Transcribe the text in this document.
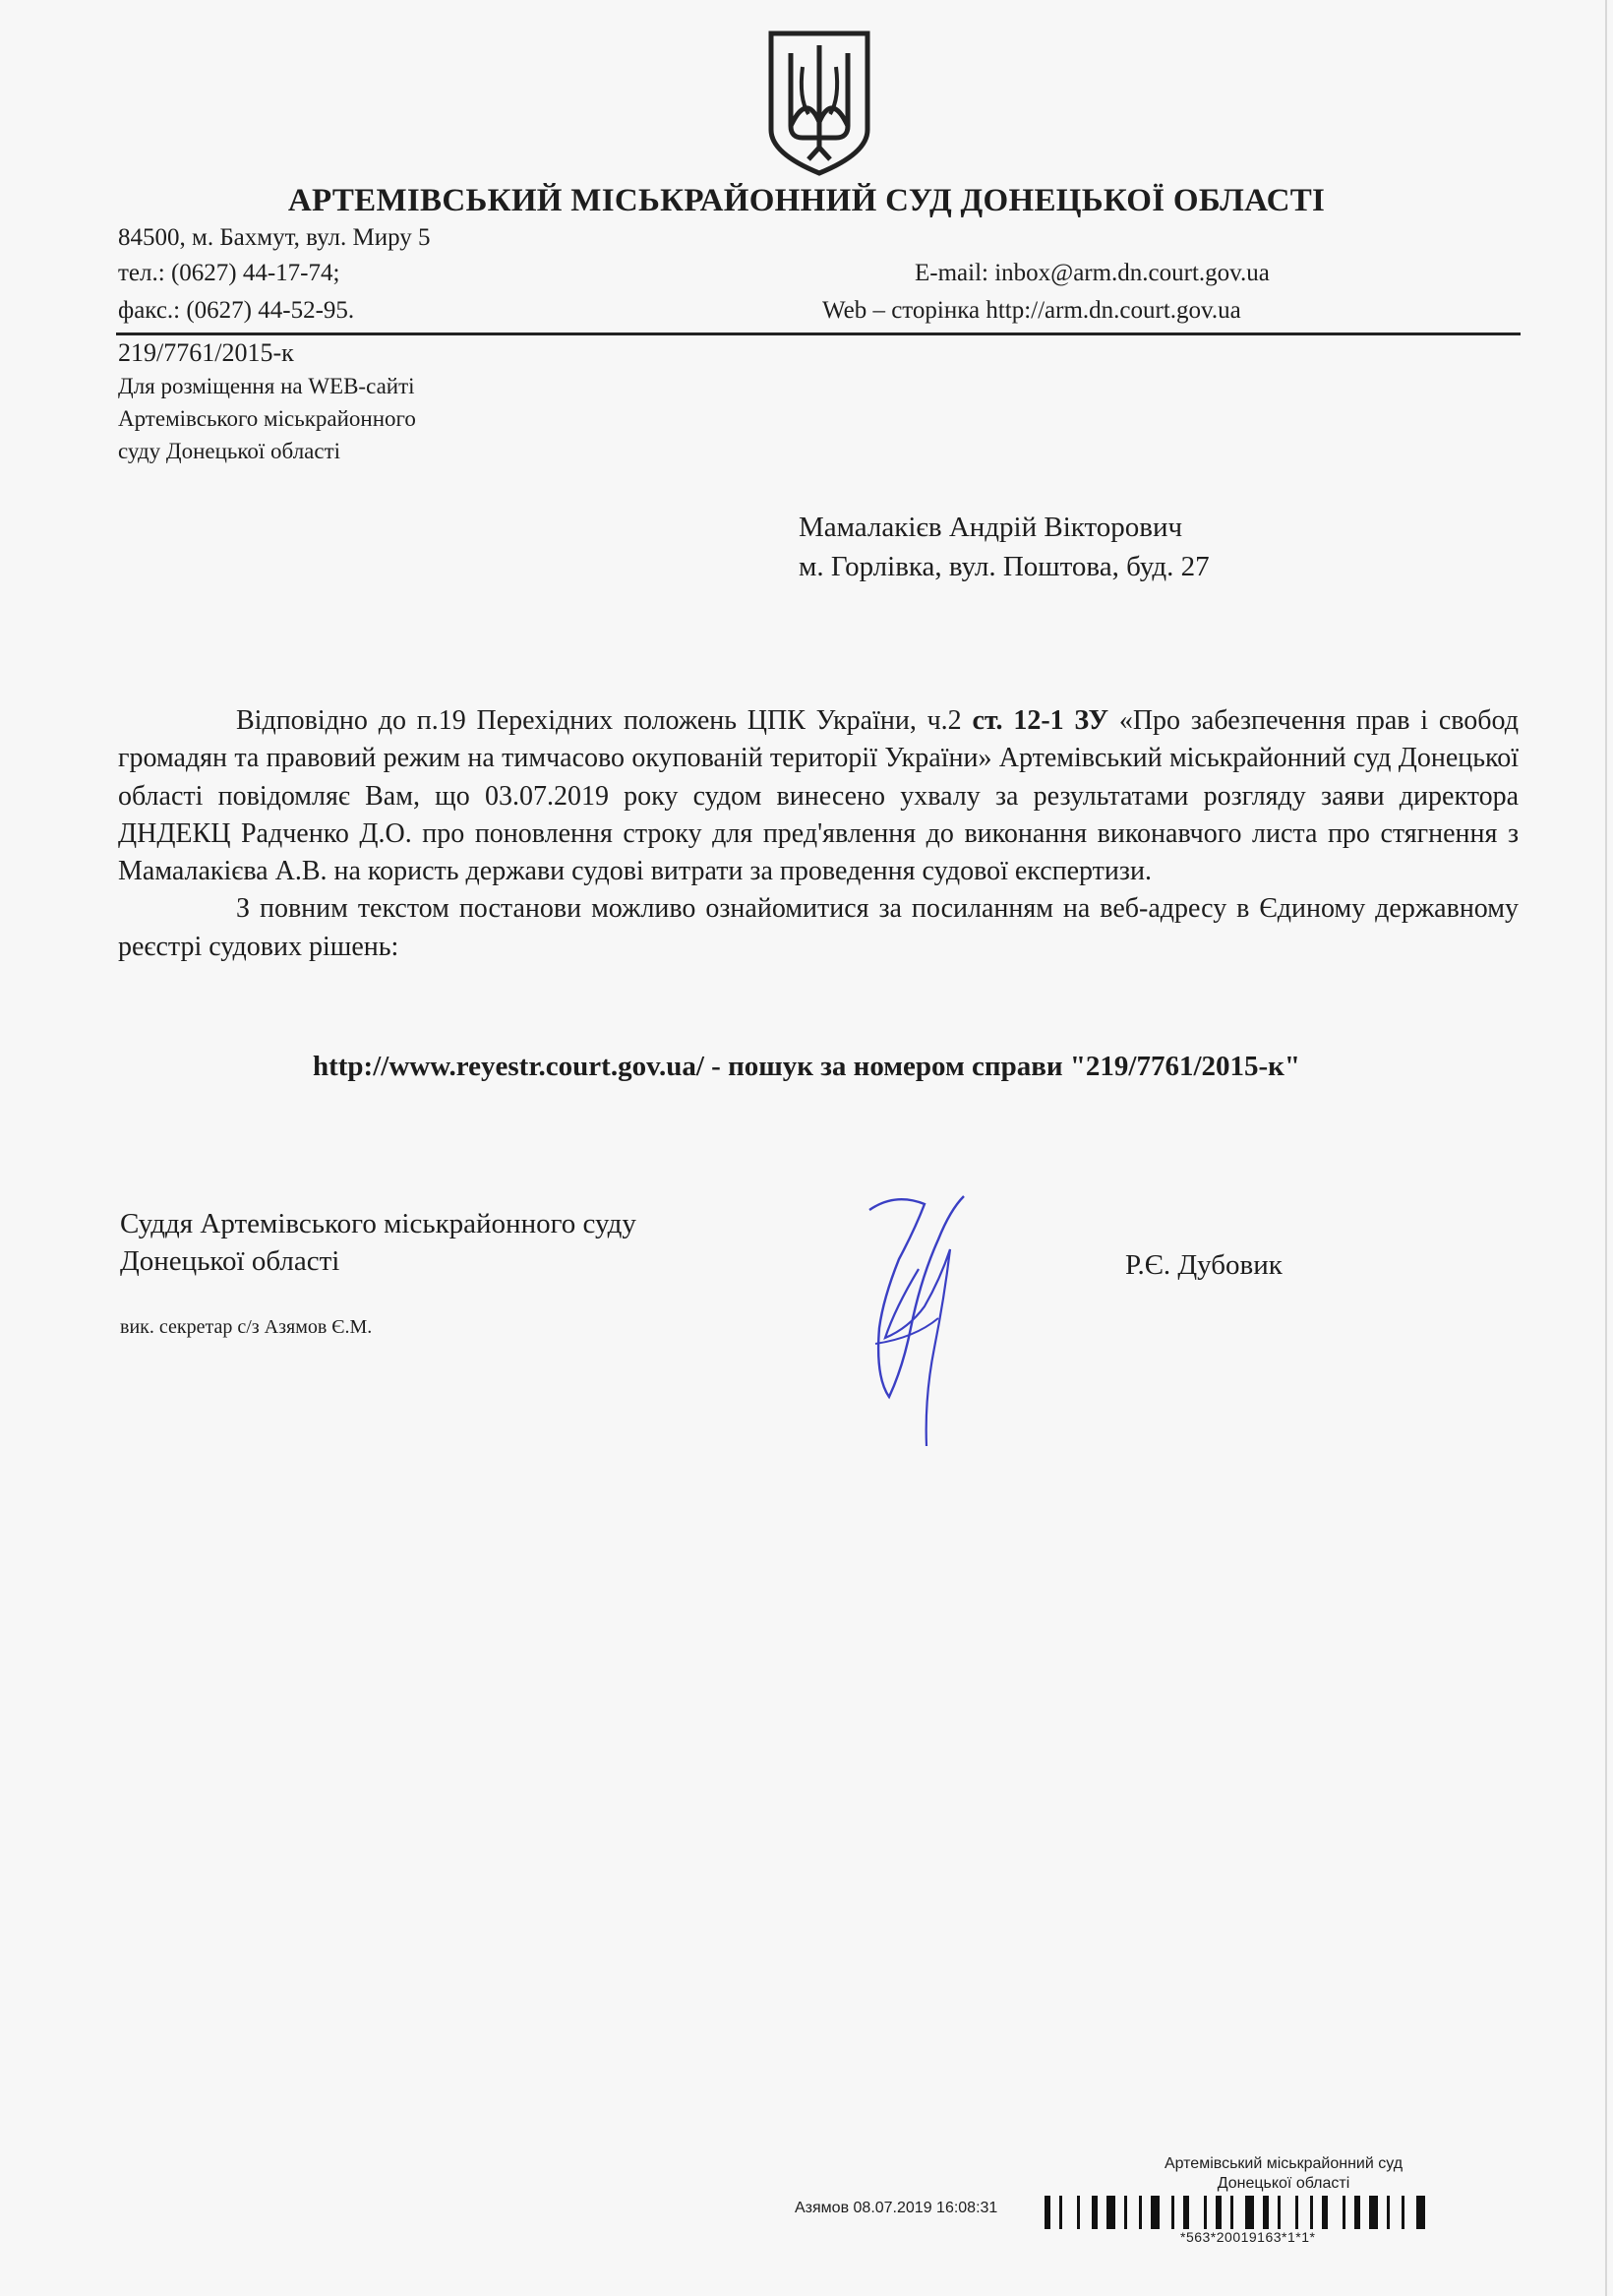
АРТЕМІВСЬКИЙ МІСЬКРАЙОННИЙ СУД ДОНЕЦЬКОЇ ОБЛАСТІ
84500, м. Бахмут, вул. Миру 5
тел.: (0627) 44-17-74;
факс.: (0627) 44-52-95.
E-mail: inbox@arm.dn.court.gov.ua
Web – сторінка http://arm.dn.court.gov.ua
219/7761/2015-к
Для розміщення на WEB-сайті
Артемівського міськрайонного
суду Донецької області
Мамалакієв Андрій Вікторович
м. Горлівка, вул. Поштова, буд. 27

Відповідно до п.19 Перехідних положень ЦПК України, ч.2 ст. 12-1 ЗУ «Про забезпечення прав і свобод громадян та правовий режим на тимчасово окупованій території України» Артемівський міськрайонний суд Донецької області повідомляє Вам, що 03.07.2019 року судом винесено ухвалу за результатами розгляду заяви директора ДНДЕКЦ Радченко Д.О. про поновлення строку для пред'явлення до виконання виконавчого листа про стягнення з Мамалакієва А.В. на користь держави судові витрати за проведення судової експертизи.

З повним текстом постанови можливо ознайомитися за посиланням на веб-адресу в Єдиному державному реєстрі судових рішень:

http://www.reyestr.court.gov.ua/ - пошук за номером справи "219/7761/2015-к"
Суддя Артемівського міськрайонного суду
Донецької області	Р.Є. Дубовик
вик. секретар с/з Азямов Є.М.
Артемівський міськрайонний суд
Донецької області
Азямов 08.07.2019 16:08:31
*563*20019163*1*1*
